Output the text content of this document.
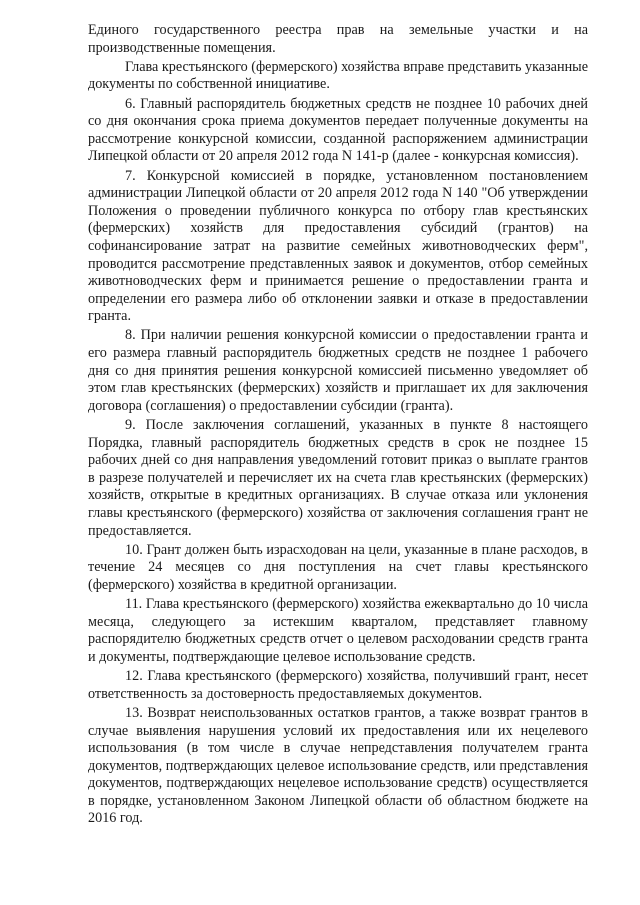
Единого государственного реестра прав на земельные участки и на производственные помещения.

Глава крестьянского (фермерского) хозяйства вправе представить указанные документы по собственной инициативе.

6. Главный распорядитель бюджетных средств не позднее 10 рабочих дней со дня окончания срока приема документов передает полученные документы на рассмотрение конкурсной комиссии, созданной распоряжением администрации Липецкой области от 20 апреля 2012 года N 141-р (далее - конкурсная комиссия).

7. Конкурсной комиссией в порядке, установленном постановлением администрации Липецкой области от 20 апреля 2012 года N 140 "Об утверждении Положения о проведении публичного конкурса по отбору глав крестьянских (фермерских) хозяйств для предоставления субсидий (грантов) на софинансирование затрат на развитие семейных животноводческих ферм", проводится рассмотрение представленных заявок и документов, отбор семейных животноводческих ферм и принимается решение о предоставлении гранта и определении его размера либо об отклонении заявки и отказе в предоставлении гранта.

8. При наличии решения конкурсной комиссии о предоставлении гранта и его размера главный распорядитель бюджетных средств не позднее 1 рабочего дня со дня принятия решения конкурсной комиссией письменно уведомляет об этом глав крестьянских (фермерских) хозяйств и приглашает их для заключения договора (соглашения) о предоставлении субсидии (гранта).

9. После заключения соглашений, указанных в пункте 8 настоящего Порядка, главный распорядитель бюджетных средств в срок не позднее 15 рабочих дней со дня направления уведомлений готовит приказ о выплате грантов в разрезе получателей и перечисляет их на счета глав крестьянских (фермерских) хозяйств, открытые в кредитных организациях. В случае отказа или уклонения главы крестьянского (фермерского) хозяйства от заключения соглашения грант не предоставляется.

10. Грант должен быть израсходован на цели, указанные в плане расходов, в течение 24 месяцев со дня поступления на счет главы крестьянского (фермерского) хозяйства в кредитной организации.

11. Глава крестьянского (фермерского) хозяйства ежеквартально до 10 числа месяца, следующего за истекшим кварталом, представляет главному распорядителю бюджетных средств отчет о целевом расходовании средств гранта и документы, подтверждающие целевое использование средств.

12. Глава крестьянского (фермерского) хозяйства, получивший грант, несет ответственность за достоверность предоставляемых документов.

13. Возврат неиспользованных остатков грантов, а также возврат грантов в случае выявления нарушения условий их предоставления или их нецелевого использования (в том числе в случае непредставления получателем гранта документов, подтверждающих целевое использование средств, или представления документов, подтверждающих нецелевое использование средств) осуществляется в порядке, установленном Законом Липецкой области об областном бюджете на 2016 год.
